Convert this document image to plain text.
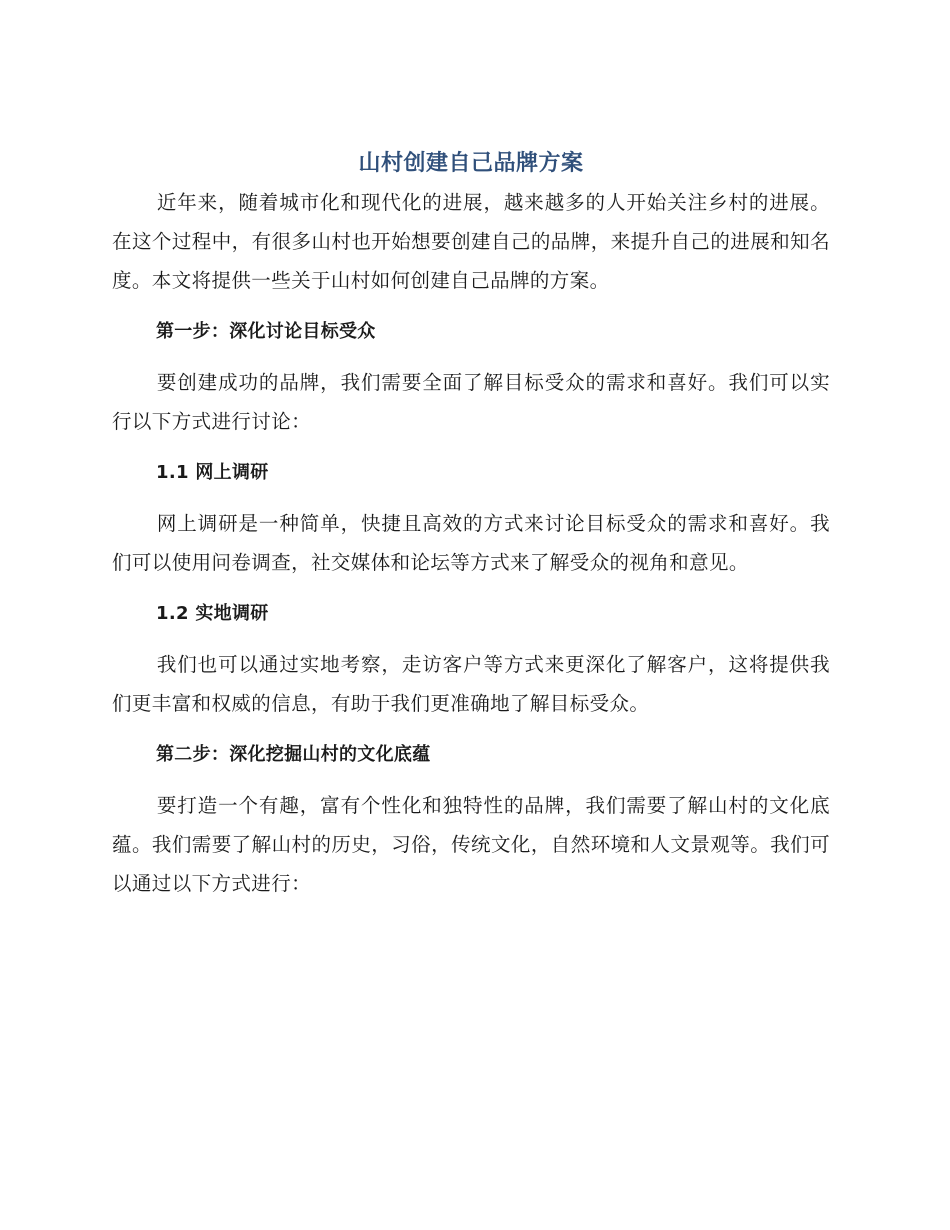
山村创建自己品牌方案

近年来，随着城市化和现代化的进展，越来越多的人开始关注乡村的进展。在这个过程中，有很多山村也开始想要创建自己的品牌，来提升自己的进展和知名度。本文将提供一些关于山村如何创建自己品牌的方案。

第一步：深化讨论目标受众

要创建成功的品牌，我们需要全面了解目标受众的需求和喜好。我们可以实行以下方式进行讨论：

1.1 网上调研

网上调研是一种简单，快捷且高效的方式来讨论目标受众的需求和喜好。我们可以使用问卷调查，社交媒体和论坛等方式来了解受众的视角和意见。

1.2 实地调研

我们也可以通过实地考察，走访客户等方式来更深化了解客户，这将提供我们更丰富和权威的信息，有助于我们更准确地了解目标受众。

第二步：深化挖掘山村的文化底蕴

要打造一个有趣，富有个性化和独特性的品牌，我们需要了解山村的文化底蕴。我们需要了解山村的历史，习俗，传统文化，自然环境和人文景观等。我们可以通过以下方式进行：
